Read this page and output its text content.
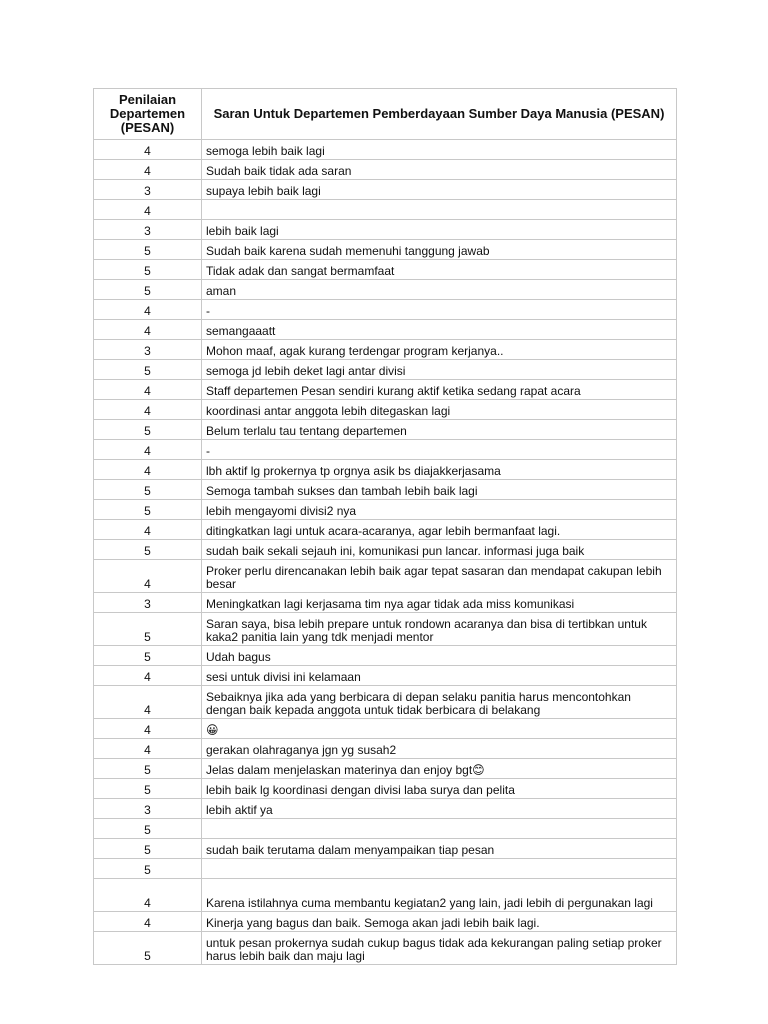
Penilaian Departemen (PESAN)	Saran Untuk Departemen Pemberdayaan Sumber Daya Manusia (PESAN)
4	semoga lebih baik lagi
4	Sudah baik tidak ada saran
3	supaya lebih baik lagi
4	
3	lebih baik lagi
5	Sudah baik karena sudah memenuhi tanggung jawab
5	Tidak adak dan sangat bermamfaat
5	aman
4	-
4	semangaaatt
3	Mohon maaf, agak kurang terdengar program kerjanya..
5	semoga jd lebih deket lagi antar divisi
4	Staff departemen Pesan sendiri kurang aktif ketika sedang rapat acara
4	koordinasi antar anggota lebih ditegaskan lagi
5	Belum terlalu tau tentang departemen
4	-
4	lbh aktif lg prokernya tp orgnya asik bs diajakkerjasama
5	Semoga tambah sukses dan tambah lebih baik lagi
5	lebih mengayomi divisi2 nya
4	ditingkatkan lagi untuk acara-acaranya, agar lebih bermanfaat lagi.
5	sudah baik sekali sejauh ini, komunikasi pun lancar. informasi juga baik
4	Proker perlu direncanakan lebih baik agar tepat sasaran dan mendapat cakupan lebih besar
3	Meningkatkan lagi kerjasama tim nya agar tidak ada miss komunikasi
5	Saran saya, bisa lebih prepare untuk rondown acaranya dan bisa di tertibkan untuk kaka2 panitia lain yang tdk menjadi mentor
5	Udah bagus
4	sesi untuk divisi ini kelamaan
4	Sebaiknya jika ada yang berbicara di depan selaku panitia harus mencontohkan dengan baik kepada anggota untuk tidak berbicara di belakang
4	😀
4	gerakan olahraganya jgn yg susah2
5	Jelas dalam menjelaskan materinya dan enjoy bgt😊
5	lebih baik lg koordinasi dengan divisi laba surya dan pelita
3	lebih aktif ya
5	
5	sudah baik terutama dalam menyampaikan tiap pesan
5	
4	Karena istilahnya cuma membantu kegiatan2 yang lain, jadi lebih di pergunakan lagi
4	Kinerja yang bagus dan baik. Semoga akan jadi lebih baik lagi.
5	untuk pesan prokernya sudah cukup bagus tidak ada kekurangan paling setiap proker harus lebih baik dan maju lagi
